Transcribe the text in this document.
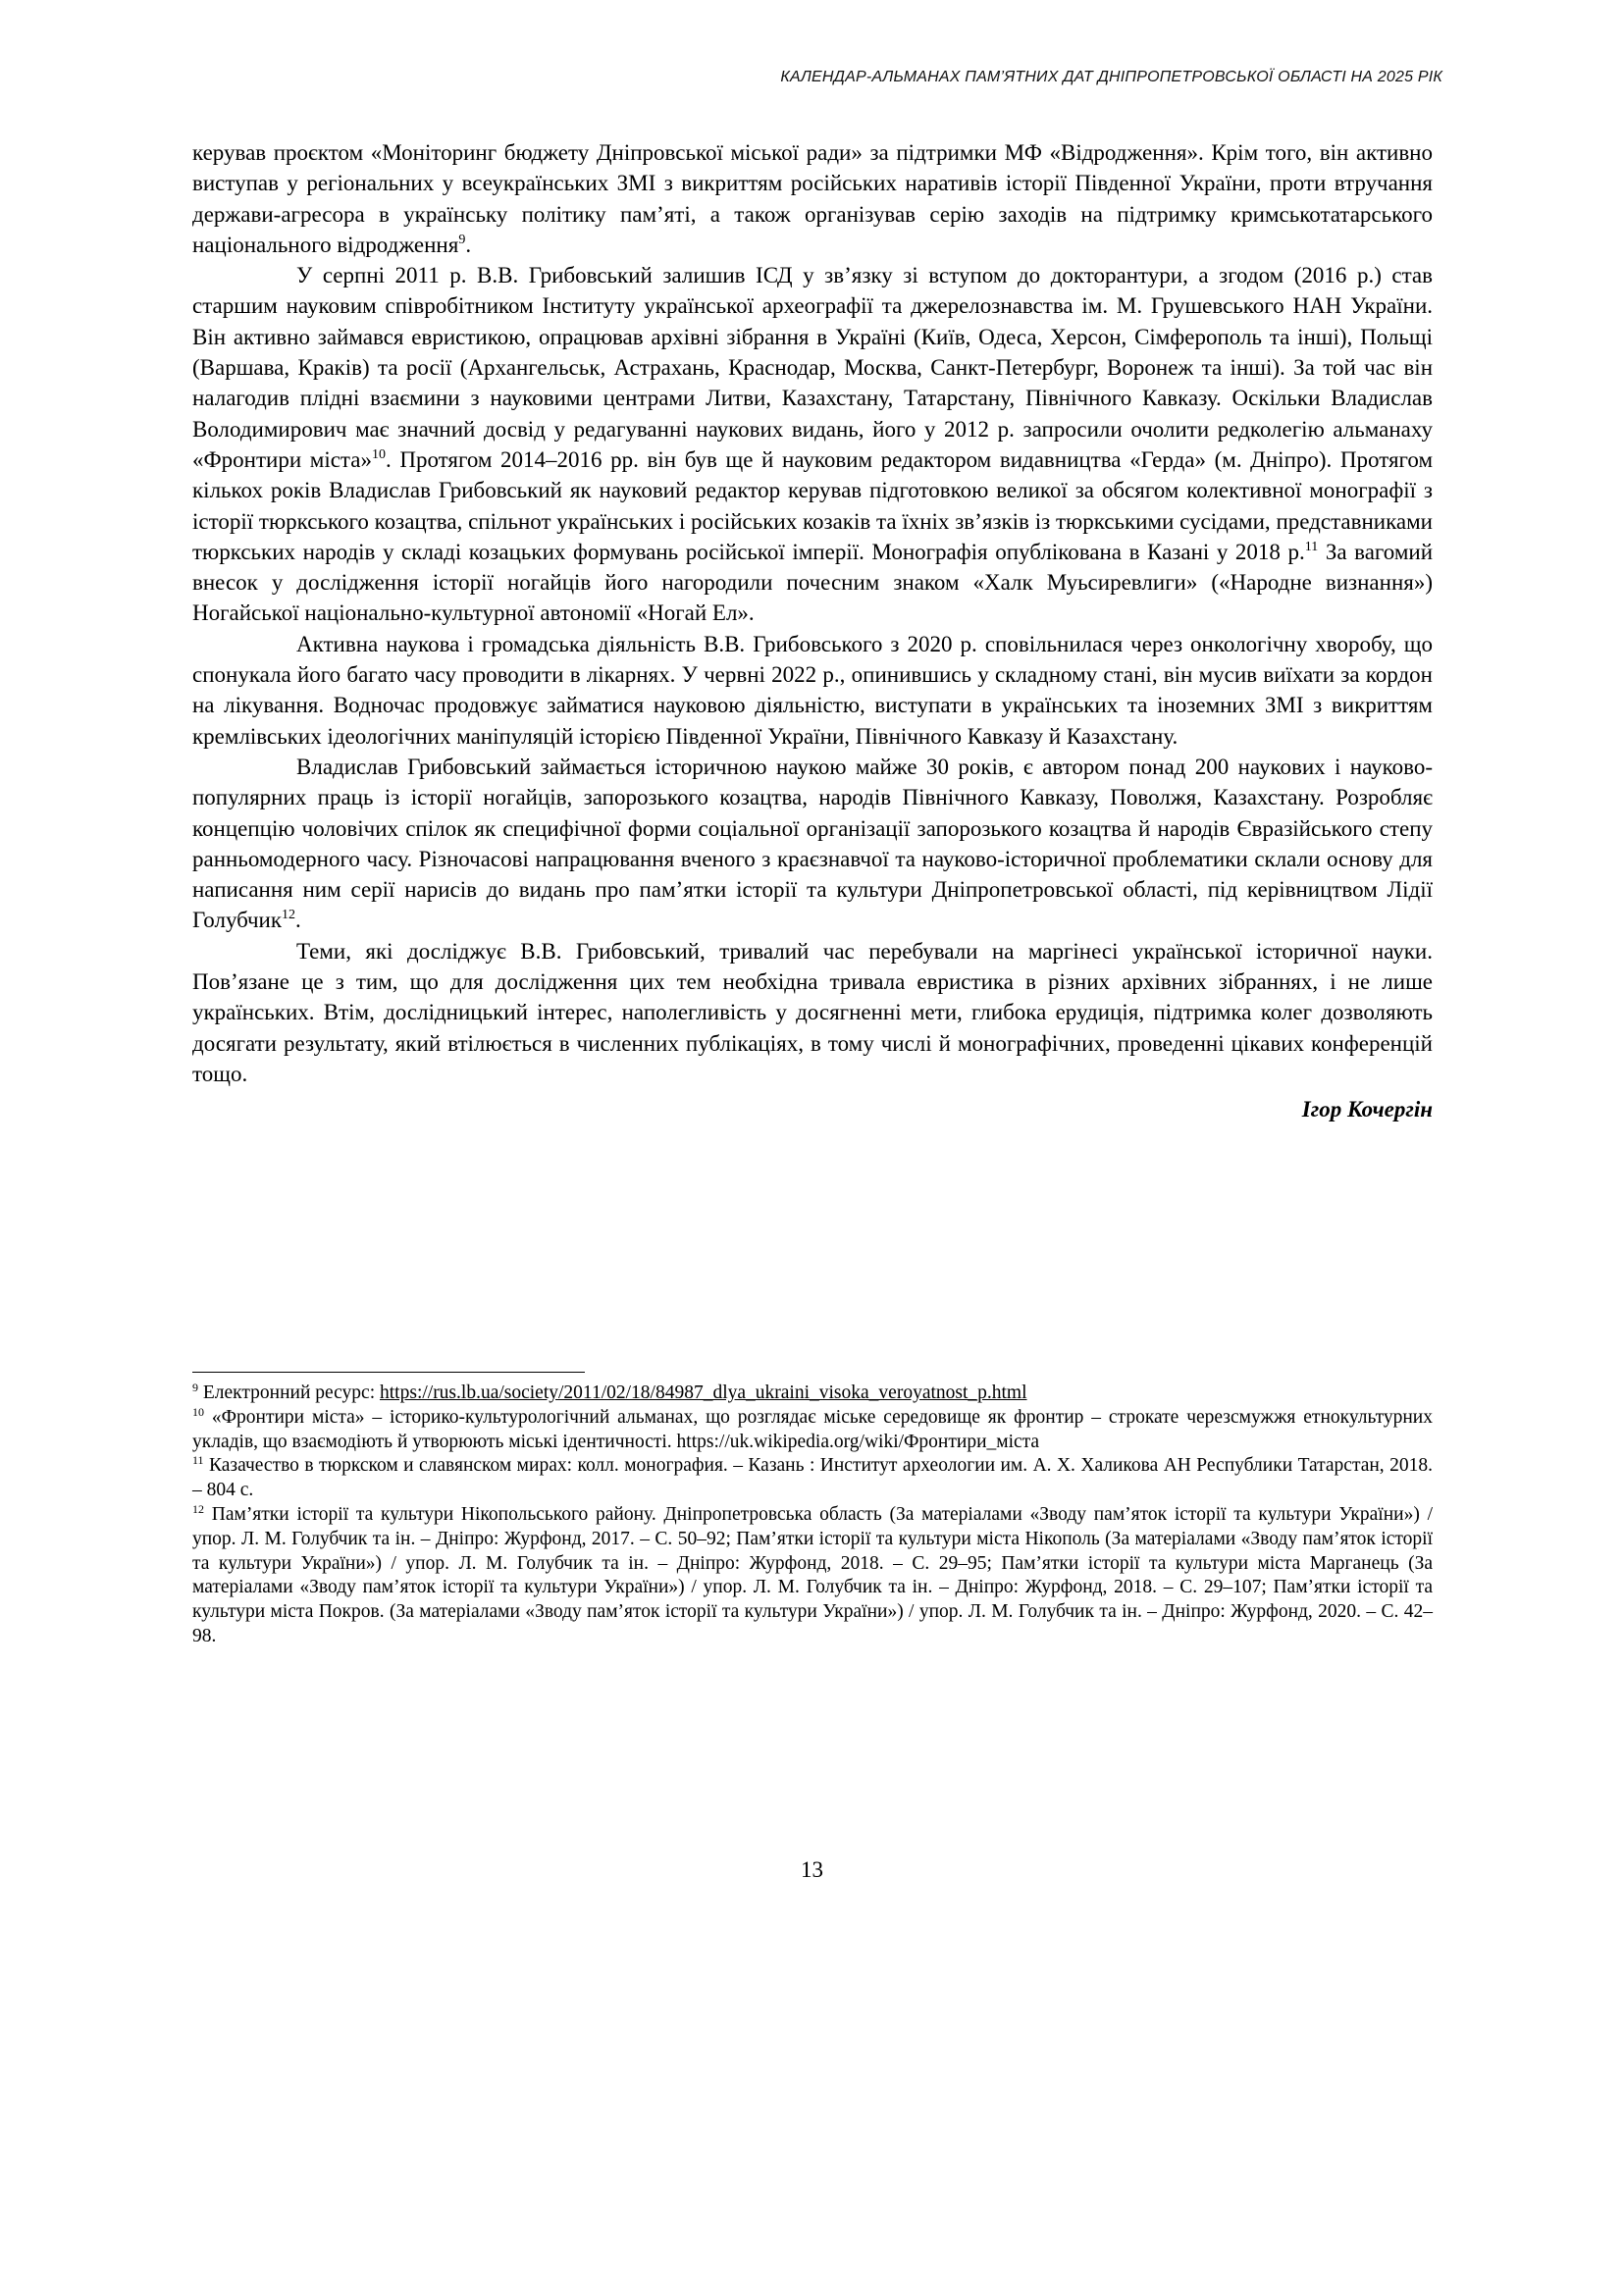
КАЛЕНДАР-АЛЬМАНАХ ПАМ’ЯТНИХ ДАТ ДНІПРОПЕТРОВСЬКОЇ ОБЛАСТІ НА 2025 РІК

керував проєктом «Моніторинг бюджету Дніпровської міської ради» за підтримки МФ «Відродження». Крім того, він активно виступав у регіональних у всеукраїнських ЗМІ з викриттям російських наративів історії Південної України, проти втручання держави-агресора в українську політику пам’яті, а також організував серію заходів на підтримку кримськотатарського національного відродження$^9$.

У серпні 2011 р. В.В. Грибовський залишив ІСД у зв’язку зі вступом до докторантури, а згодом (2016 р.) став старшим науковим співробітником Інституту української археографії та джерелознавства ім. М. Грушевського НАН України. Він активно займався евристикою, опрацював архівні зібрання в Україні (Київ, Одеса, Херсон, Сімферополь та інші), Польщі (Варшава, Краків) та росії (Архангельськ, Астрахань, Краснодар, Москва, Санкт-Петербург, Воронеж та інші). За той час він налагодив плідні взаємини з науковими центрами Литви, Казахстану, Татарстану, Північного Кавказу. Оскільки Владислав Володимирович має значний досвід у редагуванні наукових видань, його у 2012 р. запросили очолити редколегію альманаху «Фронтири міста»$^{10}$. Протягом 2014–2016 рр. він був ще й науковим редактором видавництва «Герда» (м. Дніпро). Протягом кількох років Владислав Грибовський як науковий редактор керував підготовкою великої за обсягом колективної монографії з історії тюркського козацтва, спільнот українських і російських козаків та їхніх зв’язків із тюркськими сусідами, представниками тюркських народів у складі козацьких формувань російської імперії. Монографія опублікована в Казані у 2018 р.$^{11}$ За вагомий внесок у дослідження історії ногайців його нагородили почесним знаком «Халк Муьсиревлиги» («Народне визнання») Ногайської національно-культурної автономії «Ногай Ел».

Активна наукова і громадська діяльність В.В. Грибовського з 2020 р. сповільнилася через онкологічну хворобу, що спонукала його багато часу проводити в лікарнях. У червні 2022 р., опинившись у складному стані, він мусив виїхати за кордон на лікування. Водночас продовжує займатися науковою діяльністю, виступати в українських та іноземних ЗМІ з викриттям кремлівських ідеологічних маніпуляцій історією Південної України, Північного Кавказу й Казахстану.

Владислав Грибовський займається історичною наукою майже 30 років, є автором понад 200 наукових і науково-популярних праць із історії ногайців, запорозького козацтва, народів Північного Кавказу, Поволжя, Казахстану. Розробляє концепцію чоловічих спілок як специфічної форми соціальної організації запорозького козацтва й народів Євразійського степу ранньомодерного часу. Різночасові напрацювання вченого з краєзнавчої та науково-історичної проблематики склали основу для написання ним серії нарисів до видань про пам’ятки історії та культури Дніпропетровської області, під керівництвом Лідії Голубчик$^{12}$.

Теми, які досліджує В.В. Грибовський, тривалий час перебували на маргінесі української історичної науки. Пов’язане це з тим, що для дослідження цих тем необхідна тривала евристика в різних архівних зібраннях, і не лише українських. Втім, дослідницький інтерес, наполегливість у досягненні мети, глибока ерудиція, підтримка колег дозволяють досягати результату, який втілюється в численних публікаціях, в тому числі й монографічних, проведенні цікавих конференцій тощо.

Ігор Кочергін

$^9$ Електронний ресурс: https://rus.lb.ua/society/2011/02/18/84987_dlya_ukraini_visoka_veroyatnost_p.html

$^{10}$ «Фронтири міста» – історико-культурологічний альманах, що розглядає міське середовище як фронтир – строкате черезсмужжя етнокультурних укладів, що взаємодіють й утворюють міські ідентичності. https://uk.wikipedia.org/wiki/Фронтири_міста

$^{11}$ Казачество в тюркском и славянском мирах: колл. монография. – Казань : Институт археологии им. А. Х. Халикова АН Республики Татарстан, 2018. – 804 с.

$^{12}$ Пам’ятки історії та культури Нікопольського району. Дніпропетровська область (За матеріалами «Зводу пам’яток історії та культури України») / упор. Л. М. Голубчик та ін. – Дніпро: Журфонд, 2017. – С. 50–92; Пам’ятки історії та культури міста Нікополь (За матеріалами «Зводу пам’яток історії та культури України») / упор. Л. М. Голубчик та ін. – Дніпро: Журфонд, 2018. – С. 29–95; Пам’ятки історії та культури міста Марганець (За матеріалами «Зводу пам’яток історії та культури України») / упор. Л. М. Голубчик та ін. – Дніпро: Журфонд, 2018. – С. 29–107; Пам’ятки історії та культури міста Покров. (За матеріалами «Зводу пам’яток історії та культури України») / упор. Л. М. Голубчик та ін. – Дніпро: Журфонд, 2020. – С. 42–98.

13
